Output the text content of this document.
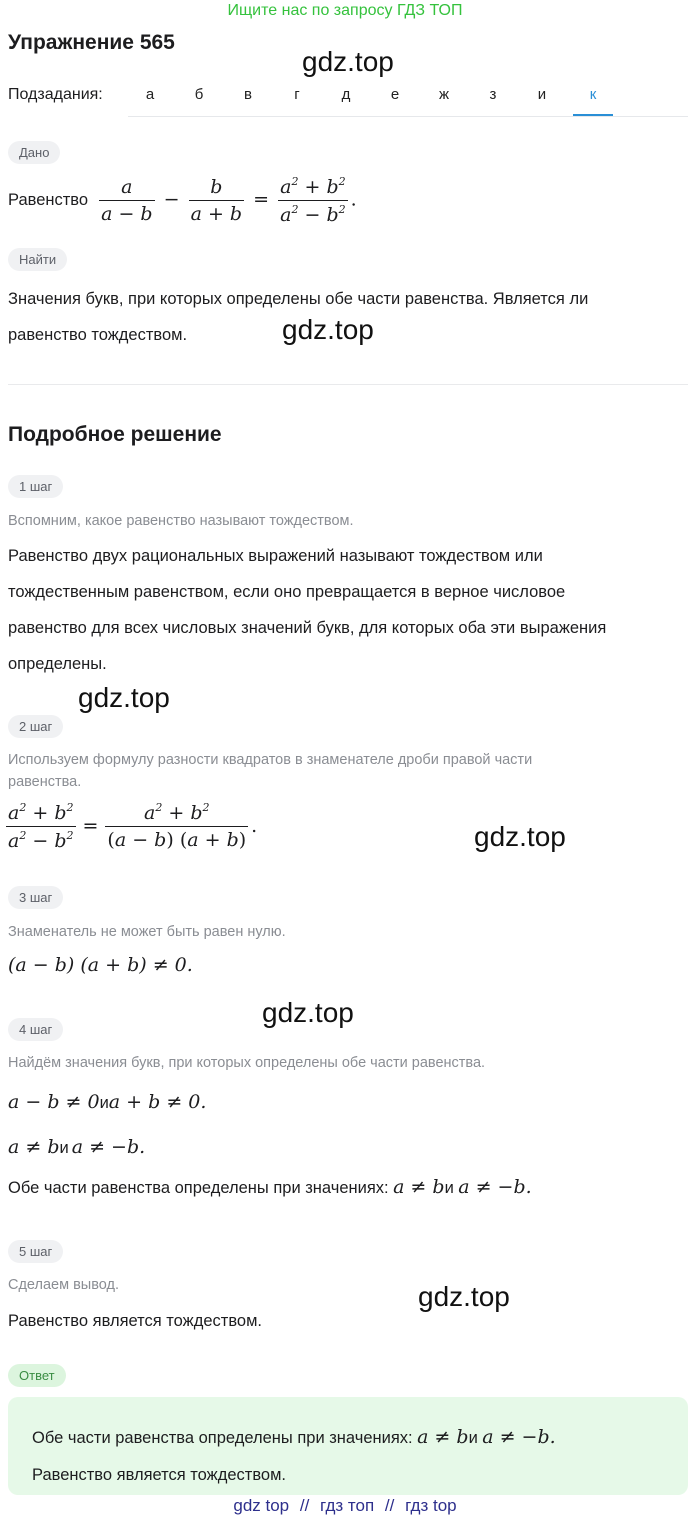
Ищите нас по запросу ГДЗ ТОП
Упражнение 565
gdz.top
gdz.top
gdz.top
gdz.top
gdz.top
gdz.top
Подзадания:	а	б	в	г	д	е	ж	з	и	к
Дано
Равенство $\frac{a}{a - b} - \frac{b}{a + b} = \frac{a^2 + b^2}{a^2 - b^2}$ .
Найти
Значения букв, при которых определены обе части равенства. Является ли
равенство тождеством.
Подробное решение
1 шаг
Вспомним, какое равенство называют тождеством.
Равенство двух рациональных выражений называют тождеством или
тождественным равенством, если оно превращается в верное числовое
равенство для всех числовых значений букв, для которых оба эти выражения
определены.
2 шаг
Используем формулу разности квадратов в знаменателе дроби правой части
равенства.
$\frac{a^2 + b^2}{a^2 - b^2} = \frac{a^2 + b^2}{(a - b) (a + b)}$ .
3 шаг
Знаменатель не может быть равен нулю.
(a − b) (a + b) ≠ 0.
4 шаг
Найдём значения букв, при которых определены обе части равенства.
a − b ≠ 0иa + b ≠ 0.
a ≠ bи a ≠ −b.
Обе части равенства определены при значениях: a ≠ bи a ≠ −b.
5 шаг
Сделаем вывод.
Равенство является тождеством.
Ответ
Обе части равенства определены при значениях: a ≠ bи a ≠ −b.
Равенство является тождеством.
gdz top // гдз топ // гдз top
